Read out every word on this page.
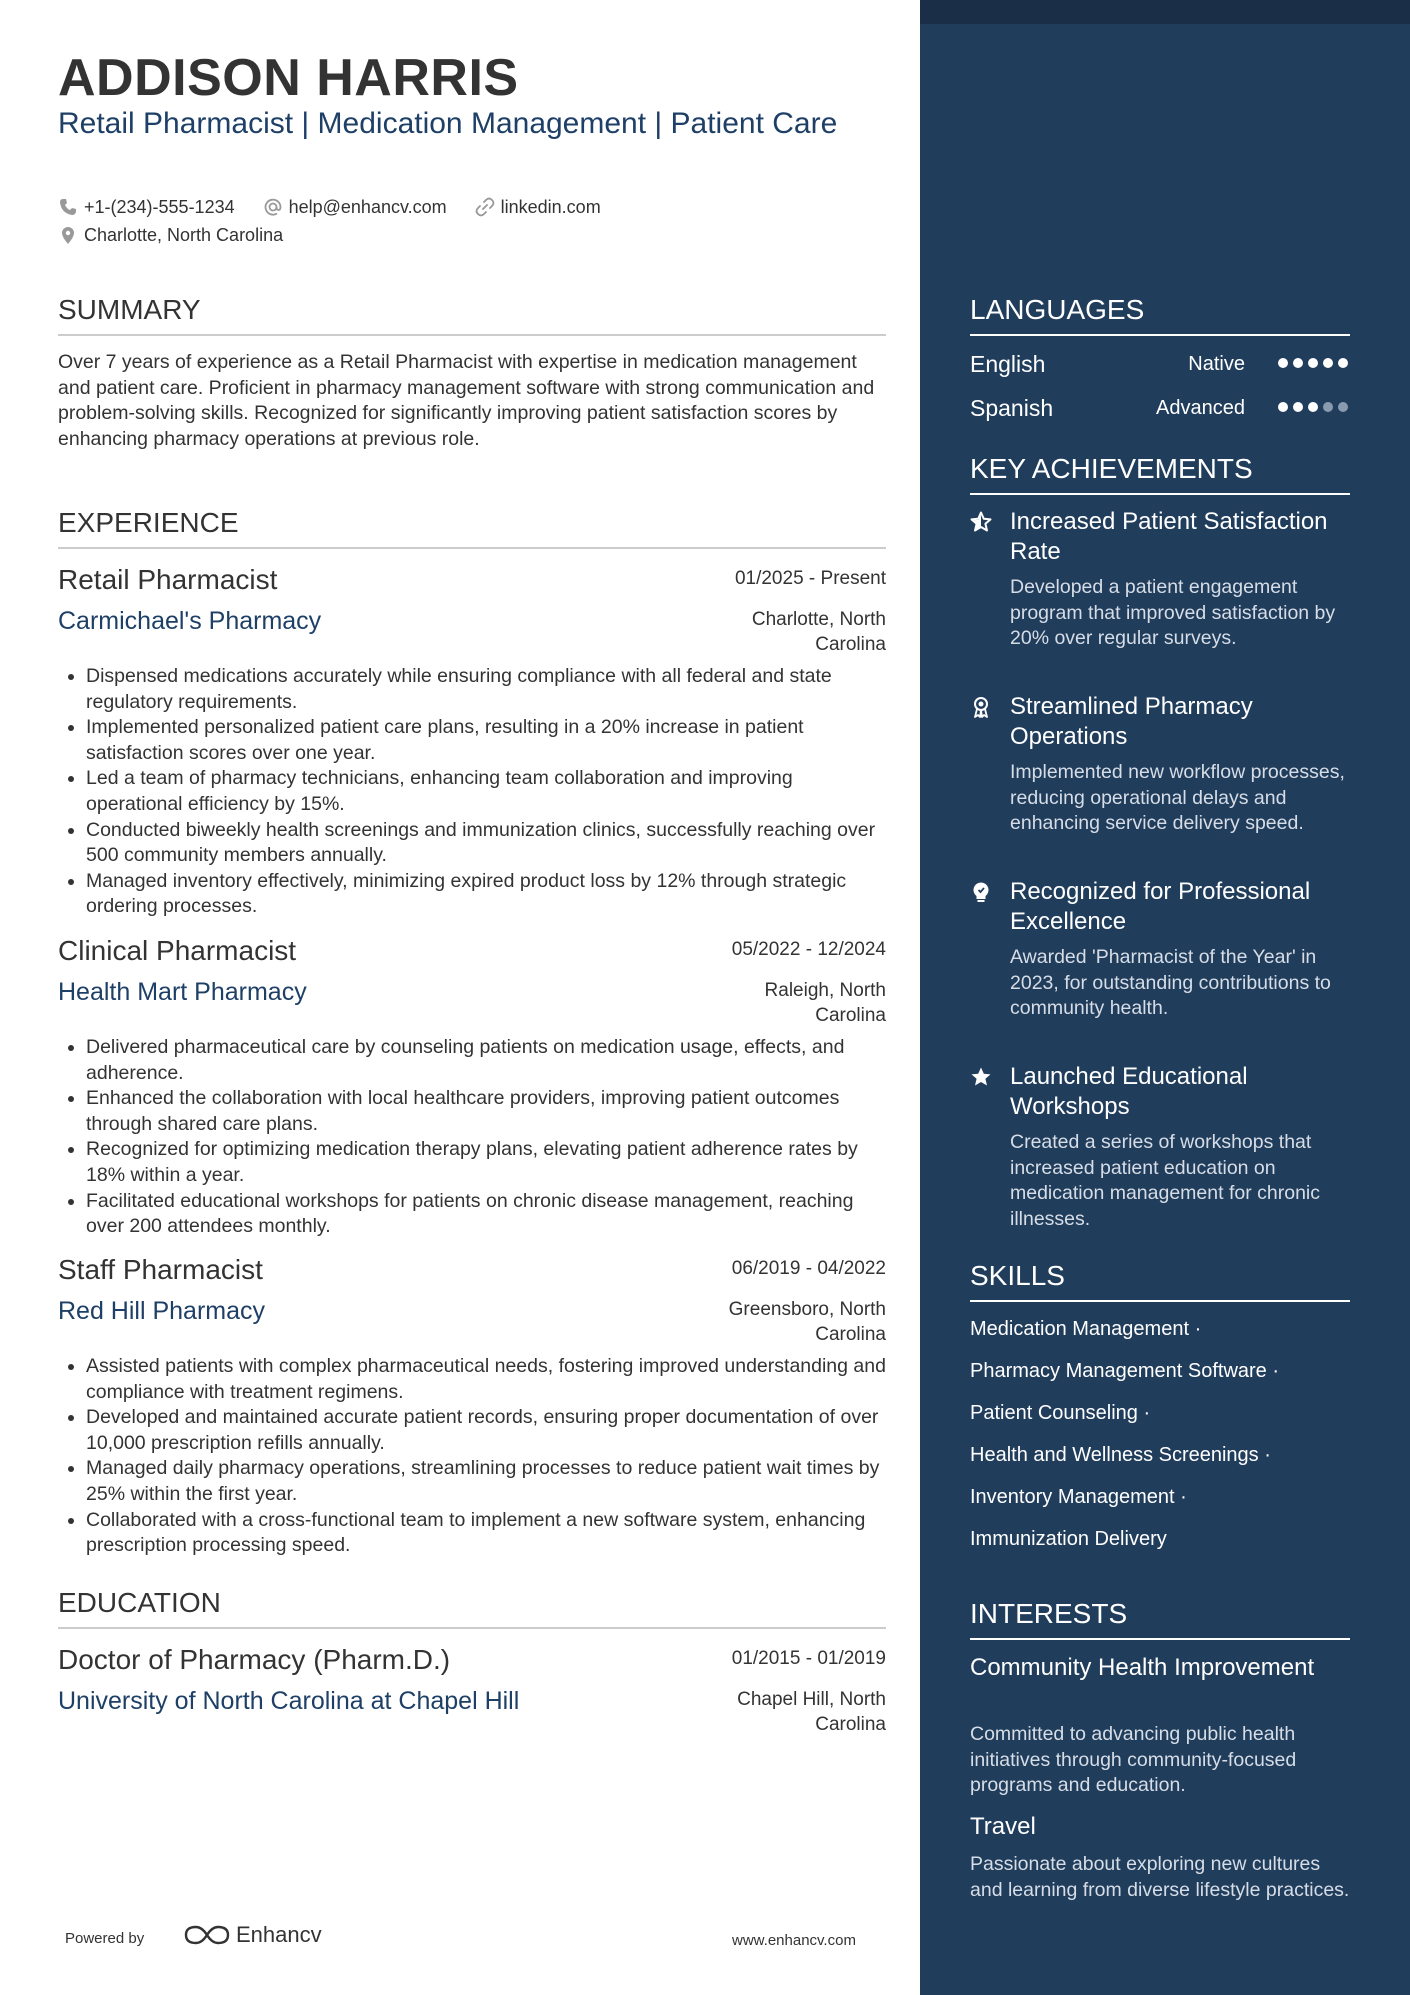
ADDISON HARRIS
Retail Pharmacist | Medication Management | Patient Care
+1-(234)-555-1234	help@enhancv.com	linkedin.com
Charlotte, North Carolina
SUMMARY
Over 7 years of experience as a Retail Pharmacist with expertise in medication management and patient care. Proficient in pharmacy management software with strong communication and problem-solving skills. Recognized for significantly improving patient satisfaction scores by enhancing pharmacy operations at previous role.
EXPERIENCE
Retail Pharmacist	01/2025 - Present
Carmichael's Pharmacy	Charlotte, North Carolina
• Dispensed medications accurately while ensuring compliance with all federal and state regulatory requirements.
• Implemented personalized patient care plans, resulting in a 20% increase in patient satisfaction scores over one year.
• Led a team of pharmacy technicians, enhancing team collaboration and improving operational efficiency by 15%.
• Conducted biweekly health screenings and immunization clinics, successfully reaching over 500 community members annually.
• Managed inventory effectively, minimizing expired product loss by 12% through strategic ordering processes.
Clinical Pharmacist	05/2022 - 12/2024
Health Mart Pharmacy	Raleigh, North Carolina
• Delivered pharmaceutical care by counseling patients on medication usage, effects, and adherence.
• Enhanced the collaboration with local healthcare providers, improving patient outcomes through shared care plans.
• Recognized for optimizing medication therapy plans, elevating patient adherence rates by 18% within a year.
• Facilitated educational workshops for patients on chronic disease management, reaching over 200 attendees monthly.
Staff Pharmacist	06/2019 - 04/2022
Red Hill Pharmacy	Greensboro, North Carolina
• Assisted patients with complex pharmaceutical needs, fostering improved understanding and compliance with treatment regimens.
• Developed and maintained accurate patient records, ensuring proper documentation of over 10,000 prescription refills annually.
• Managed daily pharmacy operations, streamlining processes to reduce patient wait times by 25% within the first year.
• Collaborated with a cross-functional team to implement a new software system, enhancing prescription processing speed.
EDUCATION
Doctor of Pharmacy (Pharm.D.)	01/2015 - 01/2019
University of North Carolina at Chapel Hill	Chapel Hill, North Carolina
Powered by	Enhancv	www.enhancv.com
LANGUAGES
English	Native
Spanish	Advanced
KEY ACHIEVEMENTS
Increased Patient Satisfaction Rate
Developed a patient engagement program that improved satisfaction by 20% over regular surveys.
Streamlined Pharmacy Operations
Implemented new workflow processes, reducing operational delays and enhancing service delivery speed.
Recognized for Professional Excellence
Awarded 'Pharmacist of the Year' in 2023, for outstanding contributions to community health.
Launched Educational Workshops
Created a series of workshops that increased patient education on medication management for chronic illnesses.
SKILLS
Medication Management ·
Pharmacy Management Software ·
Patient Counseling ·
Health and Wellness Screenings ·
Inventory Management ·
Immunization Delivery
INTERESTS
Community Health Improvement
Committed to advancing public health initiatives through community-focused programs and education.
Travel
Passionate about exploring new cultures and learning from diverse lifestyle practices.
